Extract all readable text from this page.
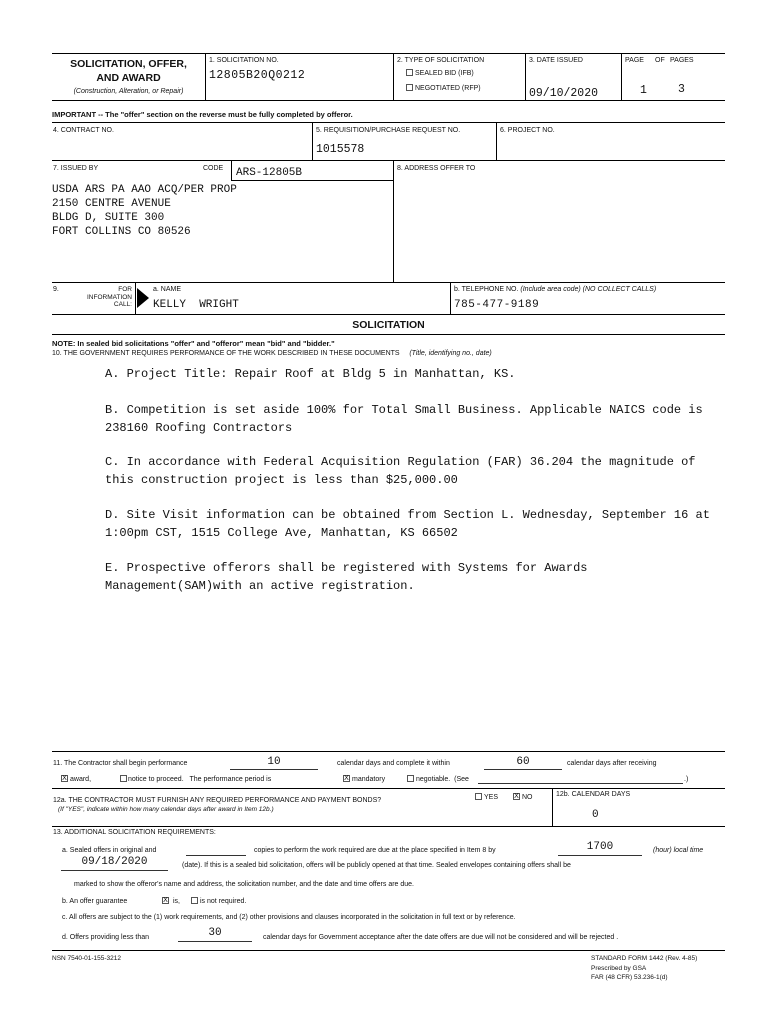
SOLICITATION, OFFER,
AND AWARD
(Construction, Alteration, or Repair)
1. SOLICITATION NO.
12805B20Q0212
2. TYPE OF SOLICITATION
SEALED BID (IFB)
NEGOTIATED (RFP)
3. DATE ISSUED
09/10/2020
PAGE OF PAGES
1	3
IMPORTANT -- The "offer" section on the reverse must be fully completed by offeror.
4. CONTRACT NO.	5. REQUISITION/PURCHASE REQUEST NO.
1015578
6. PROJECT NO.
7. ISSUED BY	CODE ARS-12805B
USDA ARS PA AAO ACQ/PER PROP
2150 CENTRE AVENUE
BLDG D, SUITE 300
FORT COLLINS CO 80526
8. ADDRESS OFFER TO
9.	FOR
INFORMATION
CALL:
a. NAME
KELLY  WRIGHT
b. TELEPHONE NO. (Include area code) (NO COLLECT CALLS)
785-477-9189
SOLICITATION
NOTE: In sealed bid solicitations "offer" and "offeror" mean "bid" and "bidder."
10. THE GOVERNMENT REQUIRES PERFORMANCE OF THE WORK DESCRIBED IN THESE DOCUMENTS (Title, identifying no., date)
A. Project Title: Repair Roof at Bldg 5 in Manhattan, KS.
B. Competition is set aside 100% for Total Small Business. Applicable NAICS code is
238160 Roofing Contractors
C. In accordance with Federal Acquisition Regulation (FAR) 36.204 the magnitude of
this construction project is less than $25,000.00
D. Site Visit information can be obtained from Section L. Wednesday, September 16 at
1:00pm CST, 1515 College Ave, Manhattan, KS 66502
E. Prospective offerors shall be registered with Systems for Awards
Management(SAM)with an active registration.
11. The Contractor shall begin performance	10	calendar days and complete it within	60	calendar days after receiving
X award,	notice to proceed. The performance period is	X mandatory	negotiable. (See	.)
12a. THE CONTRACTOR MUST FURNISH ANY REQUIRED PERFORMANCE AND PAYMENT BONDS?
(If "YES", indicate within how many calendar days after award in Item 12b.)
YES X NO	12b. CALENDAR DAYS
0
13. ADDITIONAL SOLICITATION REQUIREMENTS:
a. Sealed offers in original and	copies to perform the work required are due at the place specified in Item 8 by	1700	(hour) local time
09/18/2020	(date). If this is a sealed bid solicitation, offers will be publicly opened at that time. Sealed envelopes containing offers shall be
marked to show the offeror's name and address, the solicitation number, and the date and time offers are due.
b. An offer guarantee	X is,	is not required.
c. All offers are subject to the (1) work requirements, and (2) other provisions and clauses incorporated in the solicitation in full text or by reference.
d. Offers providing less than	30	calendar days for Government acceptance after the date offers are due will not be considered and will be rejected .
NSN 7540-01-155-3212	STANDARD FORM 1442 (Rev. 4-85)
Prescribed by GSA
FAR (48 CFR) 53.236-1(d)
